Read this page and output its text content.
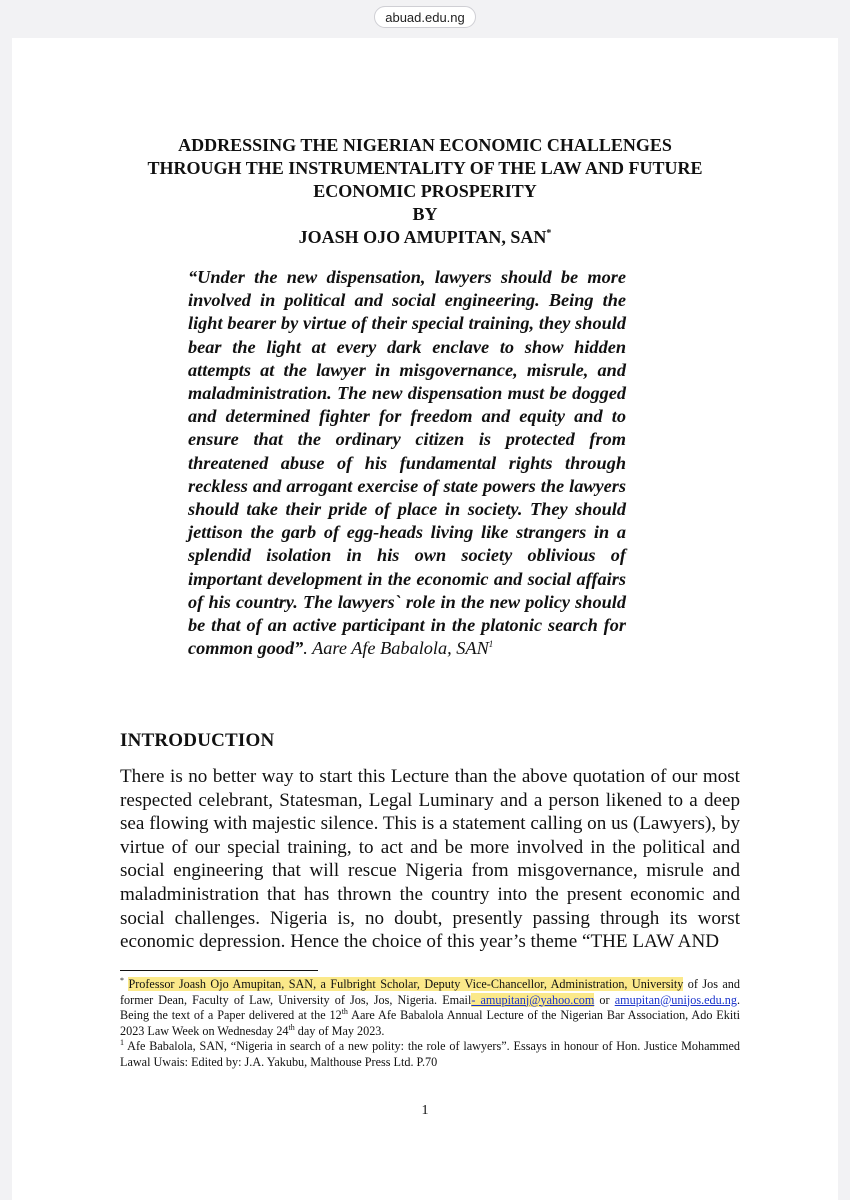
abuad.edu.ng
ADDRESSING THE NIGERIAN ECONOMIC CHALLENGES
THROUGH THE INSTRUMENTALITY OF THE LAW AND FUTURE
ECONOMIC PROSPERITY
BY
JOASH OJO AMUPITAN, SAN*

“Under the new dispensation, lawyers should be more involved in political and social engineering. Being the light bearer by virtue of their special training, they should bear the light at every dark enclave to show hidden attempts at the lawyer in misgovernance, misrule, and maladministration. The new dispensation must be dogged and determined fighter for freedom and equity and to ensure that the ordinary citizen is protected from threatened abuse of his fundamental rights through reckless and arrogant exercise of state powers the lawyers should take their pride of place in society. They should jettison the garb of egg-heads living like strangers in a splendid isolation in his own society oblivious of important development in the economic and social affairs of his country. The lawyers` role in the new policy should be that of an active participant in the platonic search for common good”. Aare Afe Babalola, SAN$^1$

INTRODUCTION

There is no better way to start this Lecture than the above quotation of our most respected celebrant, Statesman, Legal Luminary and a person likened to a deep sea flowing with majestic silence. This is a statement calling on us (Lawyers), by virtue of our special training, to act and be more involved in the political and social engineering that will rescue Nigeria from misgovernance, misrule and maladministration that has thrown the country into the present economic and social challenges. Nigeria is, no doubt, presently passing through its worst economic depression. Hence the choice of this year’s theme “THE LAW AND

* Professor Joash Ojo Amupitan, SAN, a Fulbright Scholar, Deputy Vice-Chancellor, Administration, University of Jos and former Dean, Faculty of Law, University of Jos, Jos, Nigeria. Email- amupitanj@yahoo.com or amupitan@unijos.edu.ng. Being the text of a Paper delivered at the 12th Aare Afe Babalola Annual Lecture of the Nigerian Bar Association, Ado Ekiti 2023 Law Week on Wednesday 24th day of May 2023.

$^1$ Afe Babalola, SAN, “Nigeria in search of a new polity: the role of lawyers”. Essays in honour of Hon. Justice Mohammed Lawal Uwais: Edited by: J.A. Yakubu, Malthouse Press Ltd. P.70

1
